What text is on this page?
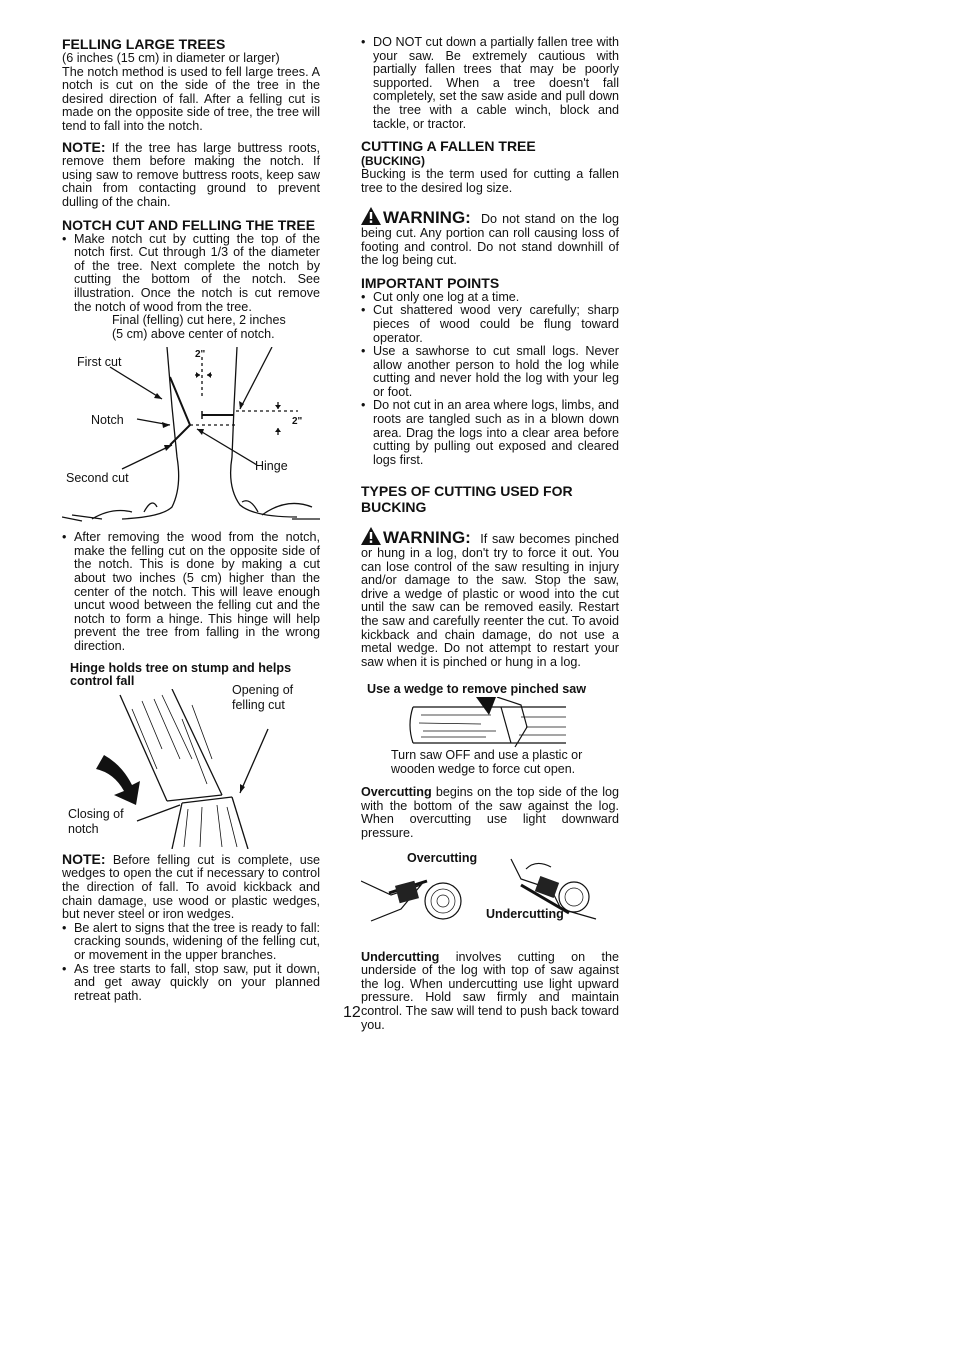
FELLING LARGE TREES

(6 inches (15 cm) in diameter or larger)

The notch method is used to fell large trees. A notch is cut on the side of the tree in the desired direction of fall. After a felling cut is made on the opposite side of tree, the tree will tend to fall into the notch.

NOTE: If the tree has large buttress roots, remove them before making the notch. If using saw to remove buttress roots, keep saw chain from contacting ground to prevent dulling of the chain.

NOTCH CUT AND FELLING THE TREE
• Make notch cut by cutting the top of the notch first. Cut through 1/3 of the diameter of the tree. Next complete the notch by cutting the bottom of the notch. See illustration. Once the notch is cut remove the notch of wood from the tree.
Final (felling) cut here, 2 inches
(5 cm) above center of notch.
First cut
Notch
Second cut
Hinge
2"
2"
• After removing the wood from the notch, make the felling cut on the opposite side of the notch. This is done by making a cut about two inches (5 cm) higher than the center of the notch. This will leave enough uncut wood between the felling cut and the notch to form a hinge. This hinge will help prevent the tree from falling in the wrong direction.
Hinge holds tree on stump and helps control fall
Opening of felling cut
Closing of notch

NOTE: Before felling cut is complete, use wedges to open the cut if necessary to control the direction of fall. To avoid kickback and chain damage, use wood or plastic wedges, but never steel or iron wedges.

• Be alert to signs that the tree is ready to fall: cracking sounds, widening of the felling cut, or movement in the upper branches.
• As tree starts to fall, stop saw, put it down, and get away quickly on your planned retreat path.
• DO NOT cut down a partially fallen tree with your saw. Be extremely cautious with partially fallen trees that may be poorly supported. When a tree doesn't fall completely, set the saw aside and pull down the tree with a cable winch, block and tackle, or tractor.
CUTTING A FALLEN TREE
(BUCKING)

Bucking is the term used for cutting a fallen tree to the desired log size.

WARNING: Do not stand on the log being cut. Any portion can roll causing loss of footing and control. Do not stand downhill of the log being cut.

IMPORTANT POINTS
• Cut only one log at a time.
• Cut shattered wood very carefully; sharp pieces of wood could be flung toward operator.
• Use a sawhorse to cut small logs. Never allow another person to hold the log while cutting and never hold the log with your leg or foot.
• Do not cut in an area where logs, limbs, and roots are tangled such as in a blown down area. Drag the logs into a clear area before cutting by pulling out exposed and cleared logs first.
TYPES OF CUTTING USED FOR BUCKING

WARNING: If saw becomes pinched or hung in a log, don't try to force it out. You can lose control of the saw resulting in injury and/or damage to the saw. Stop the saw, drive a wedge of plastic or wood into the cut until the saw can be removed easily. Restart the saw and carefully reenter the cut. To avoid kickback and chain damage, do not use a metal wedge. Do not attempt to restart your saw when it is pinched or hung in a log.

Use a wedge to remove pinched saw

Turn saw OFF and use a plastic or wooden wedge to force cut open.

Overcutting begins on the top side of the log with the bottom of the saw against the log. When overcutting use light downward pressure.

Overcutting
Undercutting

Undercutting involves cutting on the underside of the log with top of saw against the log. When undercutting use light upward pressure. Hold saw firmly and maintain control. The saw will tend to push back toward you.

12
